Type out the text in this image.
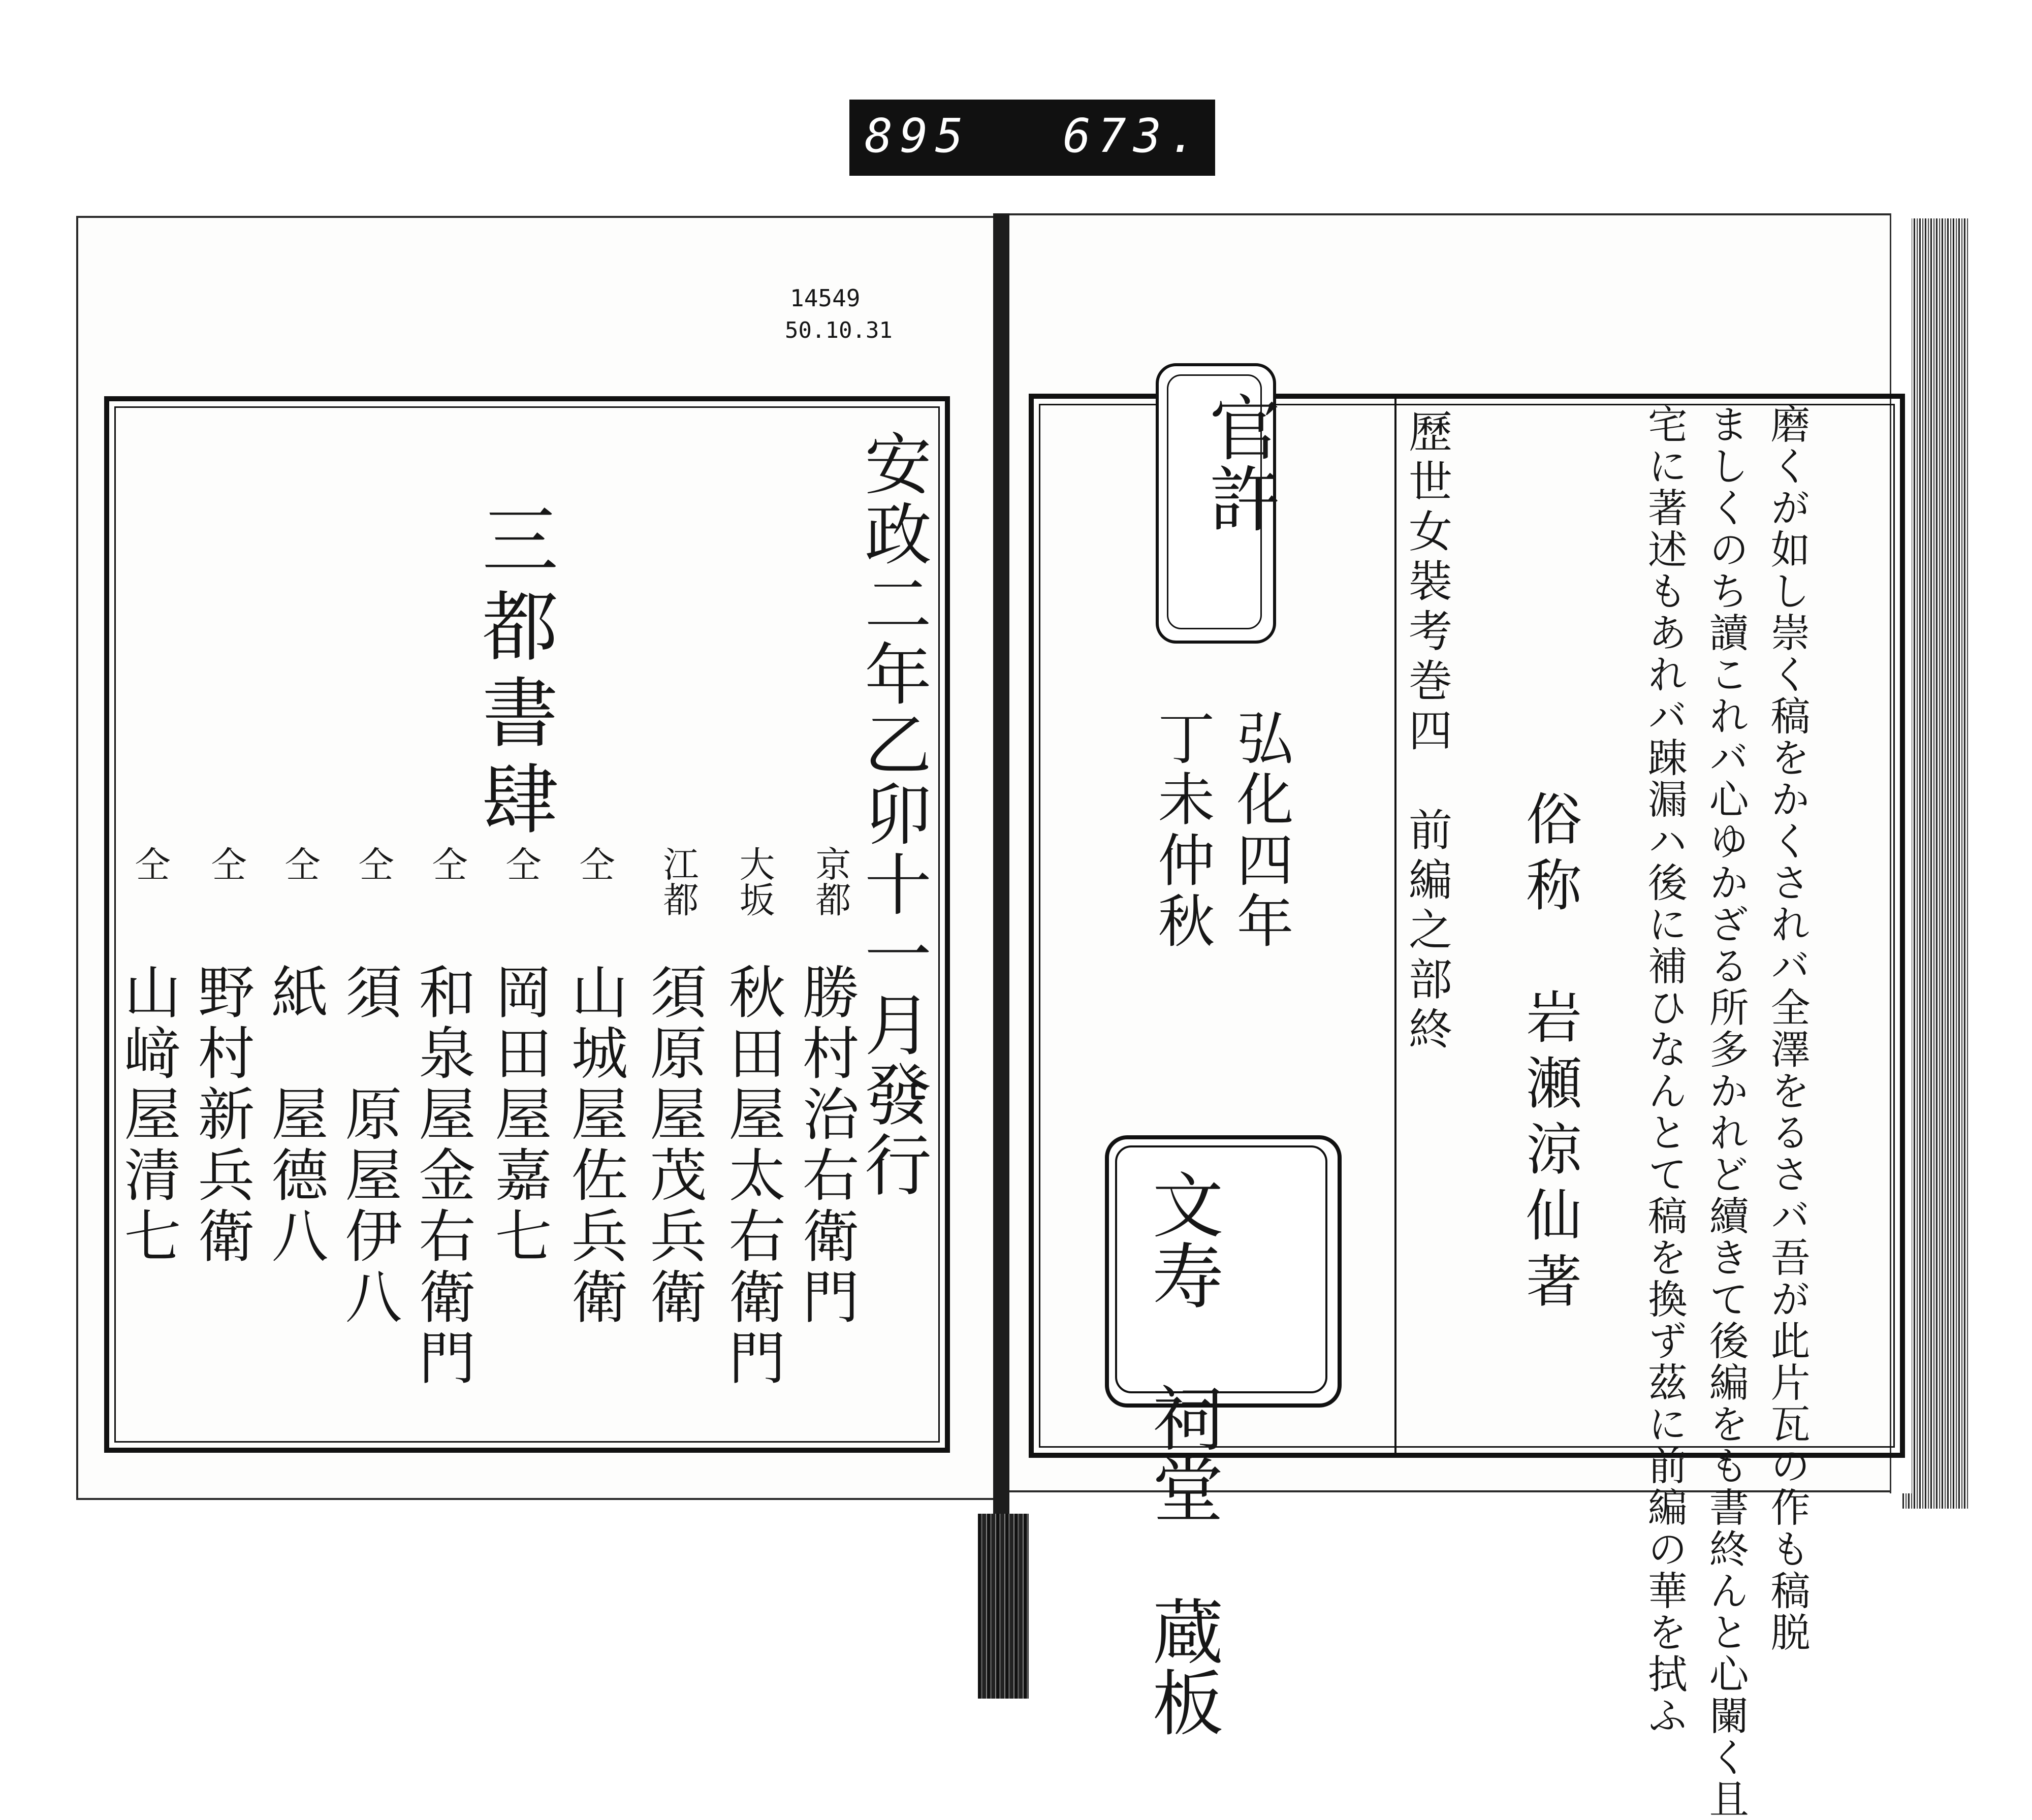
895 673.
14549
50.10.31
安政二年乙卯十一月發行
三都書肆
京都
勝村治右衛門
大坂
秋田屋太右衛門
江都
須原屋茂兵衛
仝
山城屋佐兵衛
仝
岡田屋嘉七
仝
和泉屋金右衛門
仝
須　原屋伊八
仝
紙　屋德八
仝
野村新兵衛
仝
山﨑屋清七
官許
弘化四年
丁未仲秋
文寿　祠堂　蔵板
歷世女裝考巻四　前編之部終 俗称　岩瀬涼仙著	磨くが如し崇く稿をかくされバ全澤をるさバ吾が此片瓦の作も稿脱
ましくのち讀これバ心ゆかざる所多かれど續きて後編をも書終んと心闌く且
宅に著述もあれバ踈漏ハ後に補ひなんとて稿を換ず茲に前編の華を拭ふ
